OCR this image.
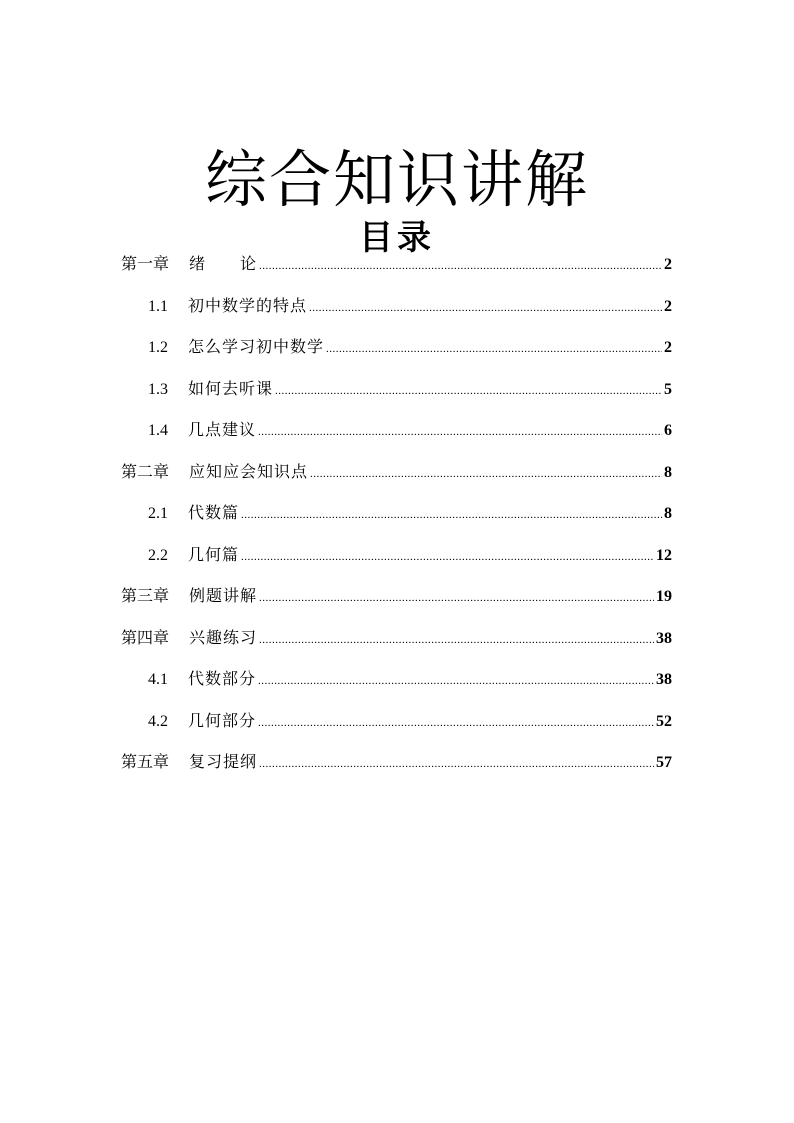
综合知识讲解
目录
第一章 绪　　论 .....	2
1.1 初中数学的特点 .....	2
1.2 怎么学习初中数学 .....	2
1.3 如何去听课 .....	5
1.4 几点建议 .....	6
第二章 应知应会知识点 .....	8
2.1 代数篇 .....	8
2.2 几何篇 .....	12
第三章 例题讲解 .....	19
第四章 兴趣练习 .....	38
4.1 代数部分 .....	38
4.2 几何部分 .....	52
第五章 复习提纲 .....	57
